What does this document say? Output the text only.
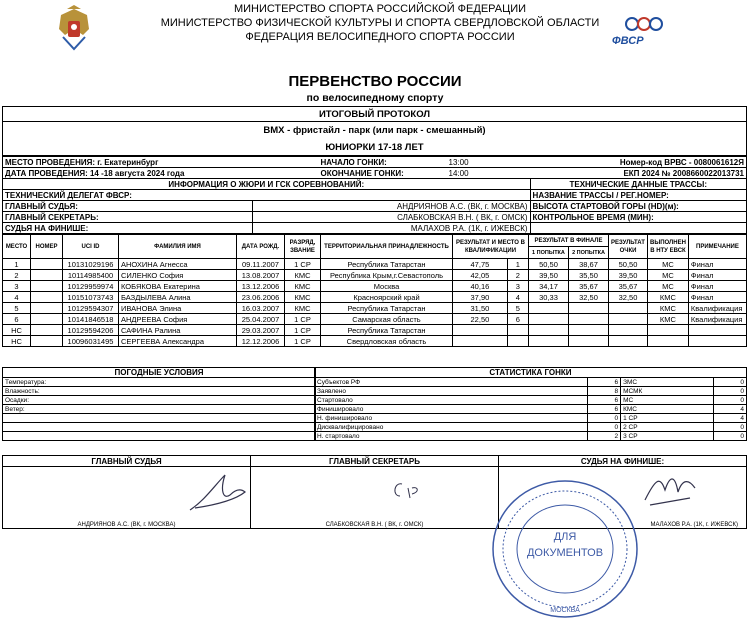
МИНИСТЕРСТВО СПОРТА РОССИЙСКОЙ ФЕДЕРАЦИИ
МИНИСТЕРСТВО ФИЗИЧЕСКОЙ КУЛЬТУРЫ И СПОРТА СВЕРДЛОВСКОЙ ОБЛАСТИ
ФЕДЕРАЦИЯ ВЕЛОСИПЕДНОГО СПОРТА РОССИИ	ФВСР
ПЕРВЕНСТВО РОССИИ
по велосипедному спорту
ИТОГОВЫЙ ПРОТОКОЛ
BMX - фристайл - парк (или парк - смешанный)
ЮНИОРКИ 17-18 ЛЕТ
МЕСТО ПРОВЕДЕНИЯ: г. Екатеринбург	НАЧАЛО ГОНКИ:	13:00	Номер-код ВРВС - 0080061612Я
ДАТА ПРОВЕДЕНИЯ: 14 -18 августа 2024 года	ОКОНЧАНИЕ ГОНКИ:	14:00	ЕКП 2024 № 2008660022013731
ИНФОРМАЦИЯ О ЖЮРИ И ГСК СОРЕВНОВАНИЙ:		ТЕХНИЧЕСКИЕ ДАННЫЕ ТРАССЫ:
ТЕХНИЧЕСКИЙ ДЕЛЕГАТ ФВСР:		НАЗВАНИЕ ТРАССЫ / РЕГ.НОМЕР:
ГЛАВНЫЙ СУДЬЯ:	АНДРИЯНОВ А.С. (ВК, г. МОСКВА)	ВЫСОТА СТАРТОВОЙ ГОРЫ (HD)(м):
ГЛАВНЫЙ СЕКРЕТАРЬ:	СЛАБКОВСКАЯ В.Н. ( ВК, г. ОМСК)	КОНТРОЛЬНОЕ ВРЕМЯ (МИН):
СУДЬЯ НА ФИНИШЕ:	МАЛАХОВ Р.А. (1К, г. ИЖЕВСК)	
МЕСТО	НОМЕР	UCI ID	ФАМИЛИЯ ИМЯ	ДАТА РОЖД.	РАЗРЯД, ЗВАНИЕ	ТЕРРИТОРИАЛЬНАЯ ПРИНАДЛЕЖНОСТЬ	РЕЗУЛЬТАТ И МЕСТО В КВАЛИФИКАЦИИ		РЕЗУЛЬТАТ В ФИНАЛЕ		РЕЗУЛЬТАТ ОЧКИ	ВЫПОЛНЕН В НТУ ЕВСК	ПРИМЕЧАНИЕ
									1 ПОПЫТКА	2 ПОПЫТКА			
1		10131029196	АНОХИНА Агнесса	09.11.2007	1 СР	Республика Татарстан	47,75	1	50,50	38,67	50,50	МС	Финал
2		10114985400	СИЛЕНКО София	13.08.2007	КМС	Республика Крым,г.Севастополь	42,05	2	39,50	35,50	39,50	МС	Финал
3		10129959974	КОБЯКОВА Екатерина	13.12.2006	КМС	Москва	40,16	3	34,17	35,67	35,67	МС	Финал
4		10151073743	БАЗДЫЛЕВА Алина	23.06.2006	КМС	Красноярский край	37,90	4	30,33	32,50	32,50	КМС	Финал
5		10129594307	ИВАНОВА Элина	16.03.2007	КМС	Республика Татарстан	31,50	5				КМС	Квалификация
6		10141846518	АНДРЕЕВА София	25.04.2007	1 СР	Самарская область	22,50	6				КМС	Квалификация
НС		10129594206	САФИНА Ралина	29.03.2007	1 СР	Республика Татарстан							
НС		10096031495	СЕРГЕЕВА Александра	12.12.2006	1 СР	Свердловская область							
ПОГОДНЫЕ УСЛОВИЯ
Температура:
Влажность:
Осадки:
Ветер:

СТАТИСТИКА ГОНКИ			
Субъектов РФ	6	ЗМС	0
Заявлено	8	МСМК	0
Стартовало	6	МС	0
Финишировало	6	КМС	4
Н. финишировало	0	1 СР	4
Дисквалифицировано	0	2 СР	0
Н. стартовало	2	3 СР	0
ГЛАВНЫЙ СУДЬЯ	ГЛАВНЫЙ СЕКРЕТАРЬ	СУДЬЯ НА ФИНИШЕ:
АНДРИЯНОВ А.С. (ВК, г. МОСКВА)	СЛАБКОВСКАЯ В.Н. ( ВК, г. ОМСК)	МАЛАХОВ Р.А. (1К, г. ИЖЕВСК)
ДЛЯ
ДОКУМЕНТОВ
МОСКВА
